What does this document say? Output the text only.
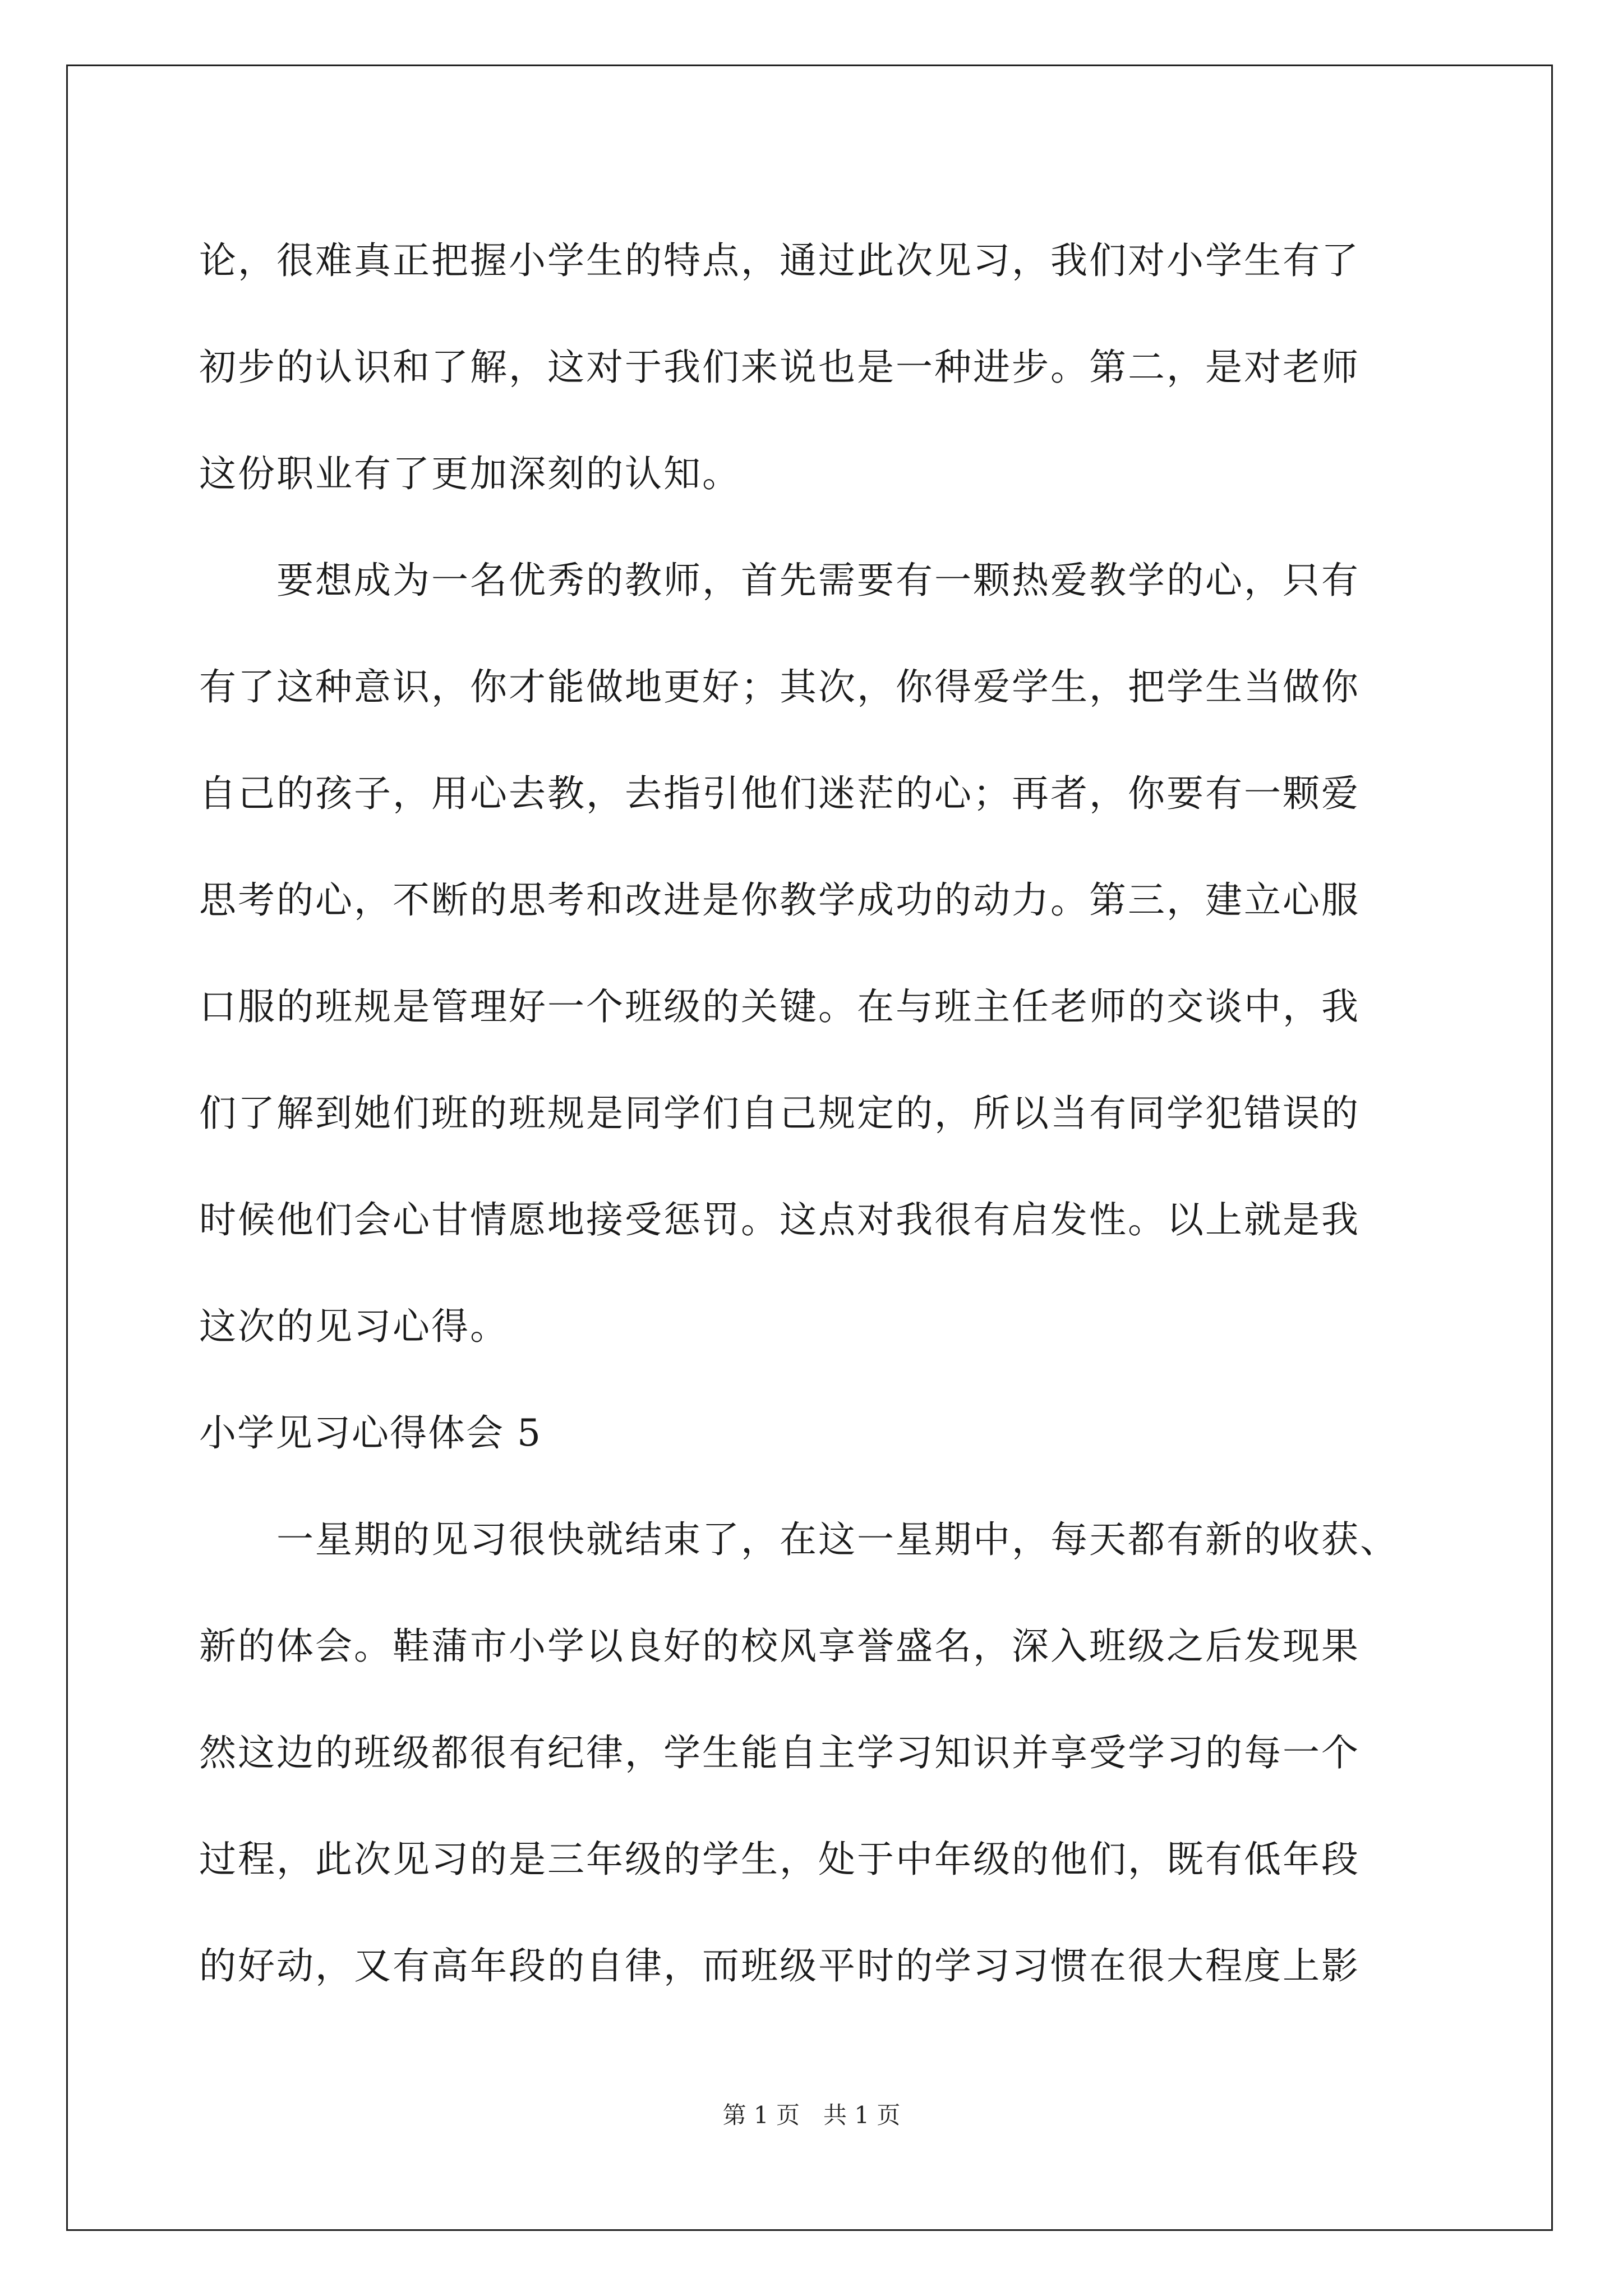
论，很难真正把握小学生的特点，通过此次见习，我们对小学生有了
初步的认识和了解，这对于我们来说也是一种进步。第二，是对老师
这份职业有了更加深刻的认知。
　　要想成为一名优秀的教师，首先需要有一颗热爱教学的心，只有
有了这种意识，你才能做地更好；其次，你得爱学生，把学生当做你
自己的孩子，用心去教，去指引他们迷茫的心；再者，你要有一颗爱
思考的心，不断的思考和改进是你教学成功的动力。第三，建立心服
口服的班规是管理好一个班级的关键。在与班主任老师的交谈中，我
们了解到她们班的班规是同学们自己规定的，所以当有同学犯错误的
时候他们会心甘情愿地接受惩罚。这点对我很有启发性。以上就是我
这次的见习心得。
小学见习心得体会 5
　　一星期的见习很快就结束了，在这一星期中，每天都有新的收获、
新的体会。鞋蒲市小学以良好的校风享誉盛名，深入班级之后发现果
然这边的班级都很有纪律，学生能自主学习知识并享受学习的每一个
过程，此次见习的是三年级的学生，处于中年级的他们，既有低年段
的好动，又有高年段的自律，而班级平时的学习习惯在很大程度上影
第 1 页　共 1 页
